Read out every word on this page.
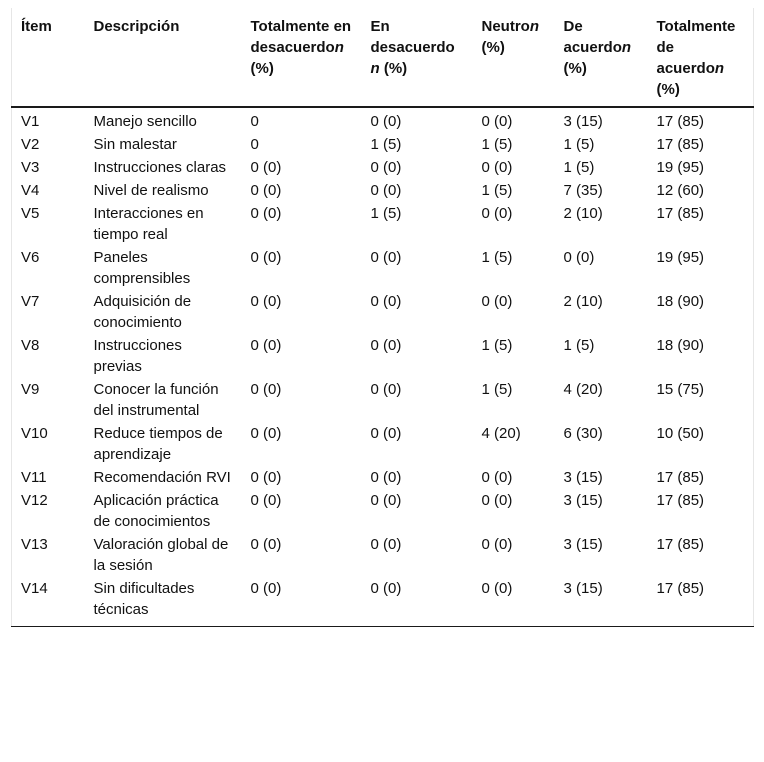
Ítem	Descripción	Totalmente en desacuerdon (%)	En desacuerdo n (%)	Neutron (%)	De acuerdon (%)	Totalmente de acuerdon (%)
V1	Manejo sencillo	0	0 (0)	0 (0)	3 (15)	17 (85)
V2	Sin malestar	0	1 (5)	1 (5)	1 (5)	17 (85)
V3	Instrucciones claras	0 (0)	0 (0)	0 (0)	1 (5)	19 (95)
V4	Nivel de realismo	0 (0)	0 (0)	1 (5)	7 (35)	12 (60)
V5	Interacciones en tiempo real	0 (0)	1 (5)	0 (0)	2 (10)	17 (85)
V6	Paneles comprensibles	0 (0)	0 (0)	1 (5)	0 (0)	19 (95)
V7	Adquisición de conocimiento	0 (0)	0 (0)	0 (0)	2 (10)	18 (90)
V8	Instrucciones previas	0 (0)	0 (0)	1 (5)	1 (5)	18 (90)
V9	Conocer la función del instrumental	0 (0)	0 (0)	1 (5)	4 (20)	15 (75)
V10	Reduce tiempos de aprendizaje	0 (0)	0 (0)	4 (20)	6 (30)	10 (50)
V11	Recomendación RVI	0 (0)	0 (0)	0 (0)	3 (15)	17 (85)
V12	Aplicación práctica de conocimientos	0 (0)	0 (0)	0 (0)	3 (15)	17 (85)
V13	Valoración global de la sesión	0 (0)	0 (0)	0 (0)	3 (15)	17 (85)
V14	Sin dificultades técnicas	0 (0)	0 (0)	0 (0)	3 (15)	17 (85)
